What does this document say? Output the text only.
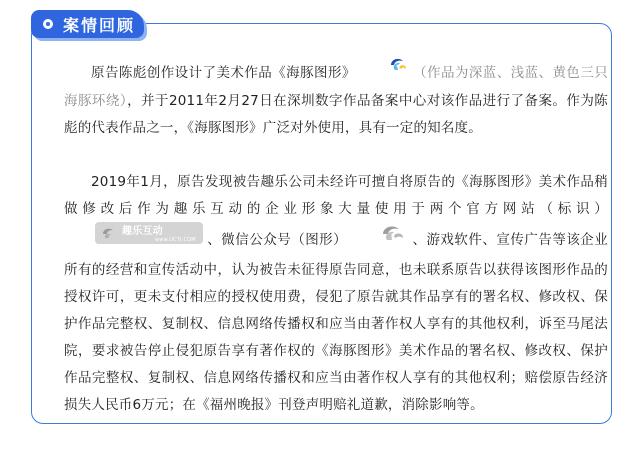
案情回顾

原告陈彪创作设计了美术作品《海豚图形》	（作品为深蓝、浅蓝、黄色三只海豚环绕），并于2011年2月27日在深圳数字作品备案中心对该作品进行了备案。作为陈彪的代表作品之一，《海豚图形》广泛对外使用，具有一定的知名度。

2019年1月，原告发现被告趣乐公司未经许可擅自将原告的《海豚图形》美术作品稍做修改后作为趣乐互动的企业形象大量使用于两个官方网站（标识）
趣乐互动
www.UCTI.COM 、微信公众号（图形）	、游戏软件、宣传广告等该企业所有的经营和宣传活动中，认为被告未征得原告同意，也未联系原告以获得该图形作品的授权许可，更未支付相应的授权使用费，侵犯了原告就其作品享有的署名权、修改权、保护作品完整权、复制权、信息网络传播权和应当由著作权人享有的其他权利，诉至马尾法院，要求被告停止侵犯原告享有著作权的《海豚图形》美术作品的署名权、修改权、保护作品完整权、复制权、信息网络传播权和应当由著作权人享有的其他权利；赔偿原告经济损失人民币6万元；在《福州晚报》刊登声明赔礼道歉，消除影响等。
